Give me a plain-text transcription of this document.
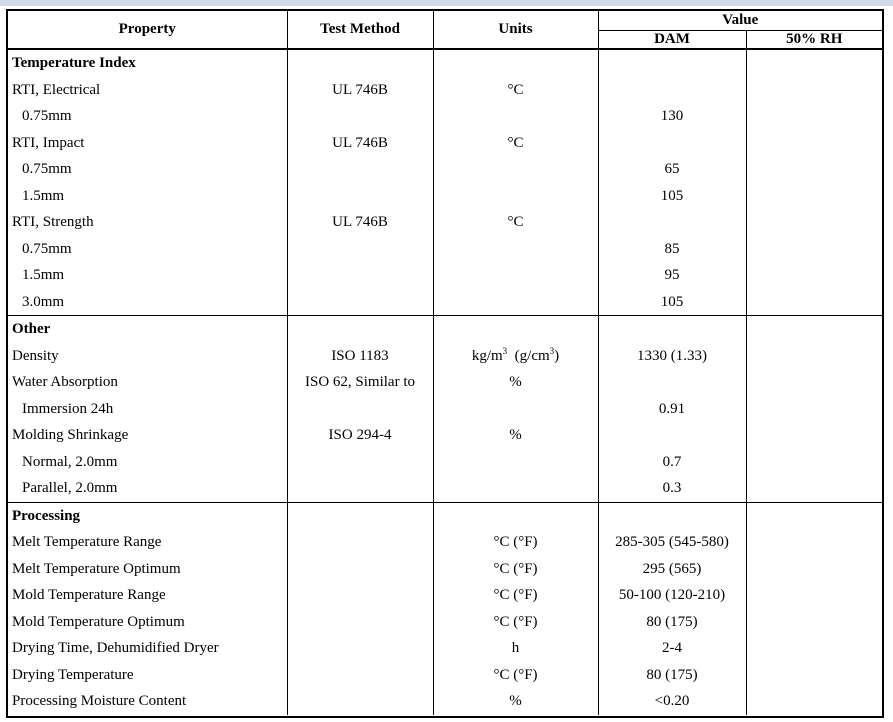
Property	Test Method	Units	Value	
			DAM	50% RH
Temperature Index				
RTI, Electrical	UL 746B	°C		
0.75mm			130	
RTI, Impact	UL 746B	°C		
0.75mm			65	
1.5mm			105	
RTI, Strength	UL 746B	°C		
0.75mm			85	
1.5mm			95	
3.0mm			105	
Other				
Density	ISO 1183	$kg/m^3$  $(g/cm^3)$	1330 (1.33)	
Water Absorption	ISO 62, Similar to	%		
Immersion 24h			0.91	
Molding Shrinkage	ISO 294-4	%		
Normal, 2.0mm			0.7	
Parallel, 2.0mm			0.3	
Processing				
Melt Temperature Range		°C (°F)	285-305 (545-580)	
Melt Temperature Optimum		°C (°F)	295 (565)	
Mold Temperature Range		°C (°F)	50-100 (120-210)	
Mold Temperature Optimum		°C (°F)	80 (175)	
Drying Time, Dehumidified Dryer		h	2-4	
Drying Temperature		°C (°F)	80 (175)	
Processing Moisture Content		%	<0.20	
